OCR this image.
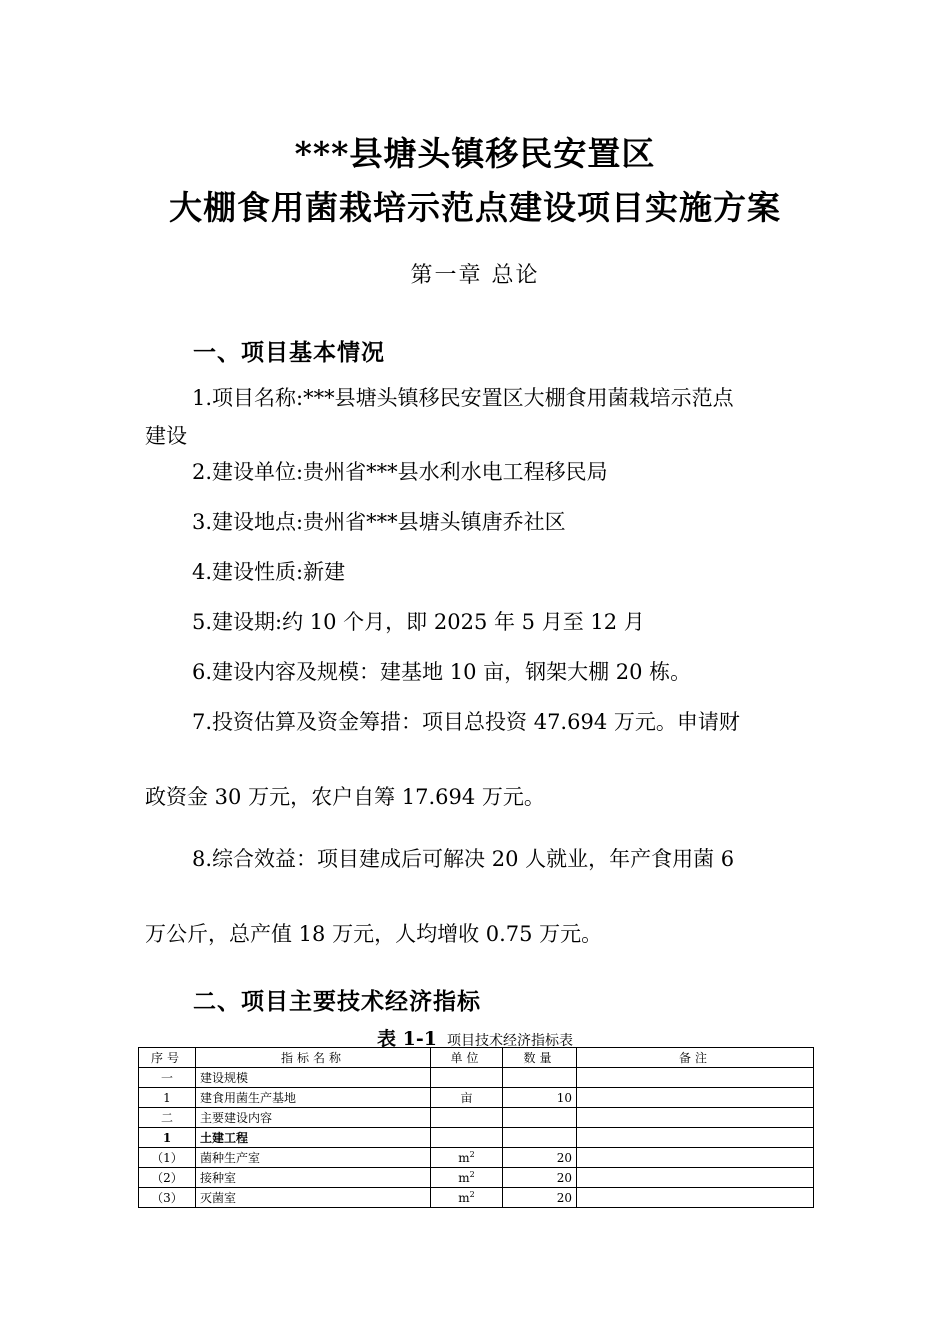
***县塘头镇移民安置区
大棚食用菌栽培示范点建设项目实施方案
第一章 总论
一、项目基本情况
1.项目名称:***县塘头镇移民安置区大棚食用菌栽培示范点
建设
2.建设单位:贵州省***县水利水电工程移民局
3.建设地点:贵州省***县塘头镇唐乔社区
4.建设性质:新建
5.建设期:约 10 个月，即 2025 年 5 月至 12 月
6.建设内容及规模：建基地 10 亩，钢架大棚 20 栋。
7.投资估算及资金筹措：项目总投资 47.694 万元。申请财
政资金 30 万元，农户自筹 17.694 万元。
8.综合效益：项目建成后可解决 20 人就业，年产食用菌 6
万公斤，总产值 18 万元，人均增收 0.75 万元。
二、项目主要技术经济指标
表 1-1 项目技术经济指标表
序号	指标名称	单位	数量	备注
一	建设规模			
1	建食用菌生产基地	亩	10	
二	主要建设内容			
1	土建工程			
（1）	菌种生产室	$m^2$	20	
（2）	接种室	$m^2$	20	
（3）	灭菌室	$m^2$	20	
